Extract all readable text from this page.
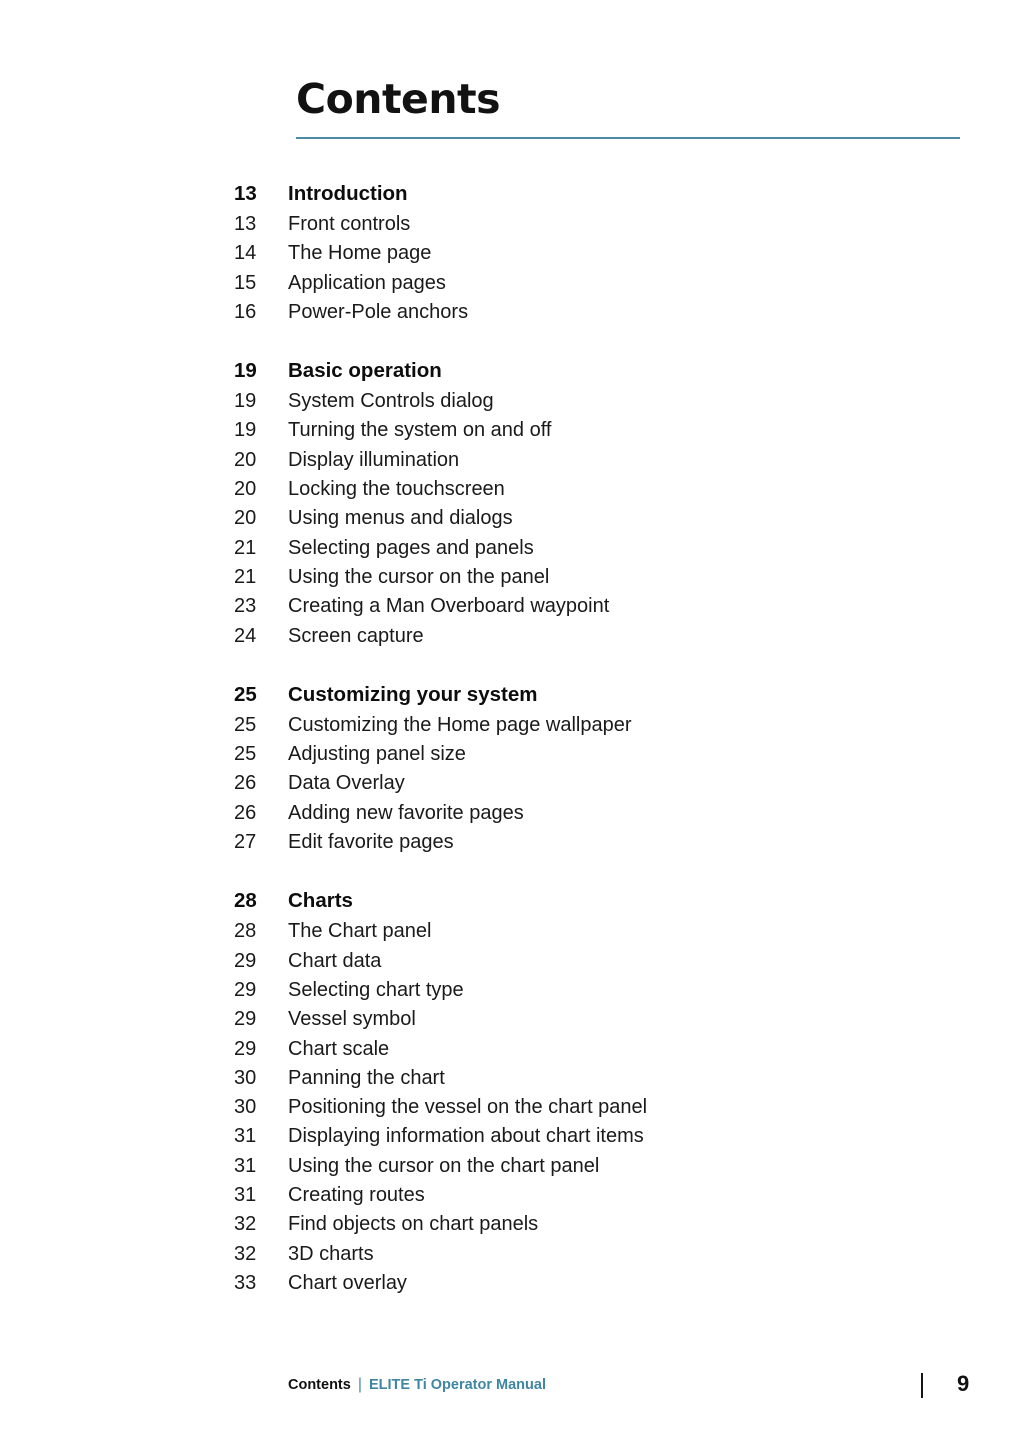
Contents
13	Introduction
13	Front controls
14	The Home page
15	Application pages
16	Power-Pole anchors
19	Basic operation
19	System Controls dialog
19	Turning the system on and off
20	Display illumination
20	Locking the touchscreen
20	Using menus and dialogs
21	Selecting pages and panels
21	Using the cursor on the panel
23	Creating a Man Overboard waypoint
24	Screen capture
25	Customizing your system
25	Customizing the Home page wallpaper
25	Adjusting panel size
26	Data Overlay
26	Adding new favorite pages
27	Edit favorite pages
28	Charts
28	The Chart panel
29	Chart data
29	Selecting chart type
29	Vessel symbol
29	Chart scale
30	Panning the chart
30	Positioning the vessel on the chart panel
31	Displaying information about chart items
31	Using the cursor on the chart panel
31	Creating routes
32	Find objects on chart panels
32	3D charts
33	Chart overlay
Contents | ELITE Ti Operator Manual	9
